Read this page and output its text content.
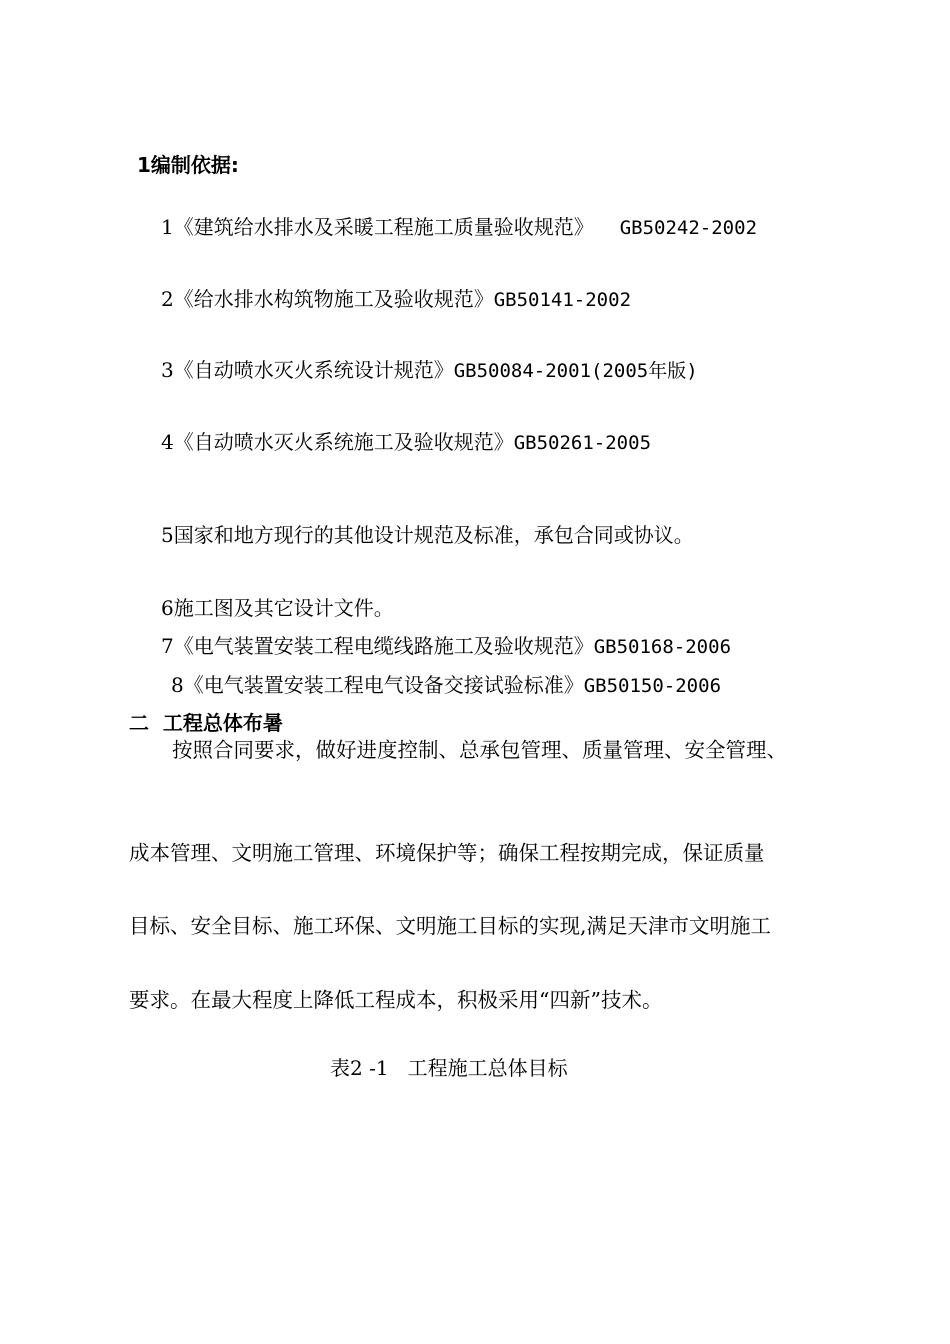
1编制依据:
1《建筑给水排水及采暖工程施工质量验收规范》 GB50242-2002
2《给水排水构筑物施工及验收规范》GB50141-2002
3《自动喷水灭火系统设计规范》GB50084-2001(2005年版)
4《自动喷水灭火系统施工及验收规范》GB50261-2005
5国家和地方现行的其他设计规范及标准，承包合同或协议。
6施工图及其它设计文件。
7《电气装置安装工程电缆线路施工及验收规范》GB50168-2006
8《电气装置安装工程电气设备交接试验标准》GB50150-2006
二  工程总体布暑
按照合同要求，做好进度控制、总承包管理、质量管理、安全管理、
成本管理、文明施工管理、环境保护等；确保工程按期完成，保证质量
目标、安全目标、施工环保、文明施工目标的实现,满足天津市文明施工
要求。在最大程度上降低工程成本，积极采用“四新”技术。
表2 -1   工程施工总体目标
